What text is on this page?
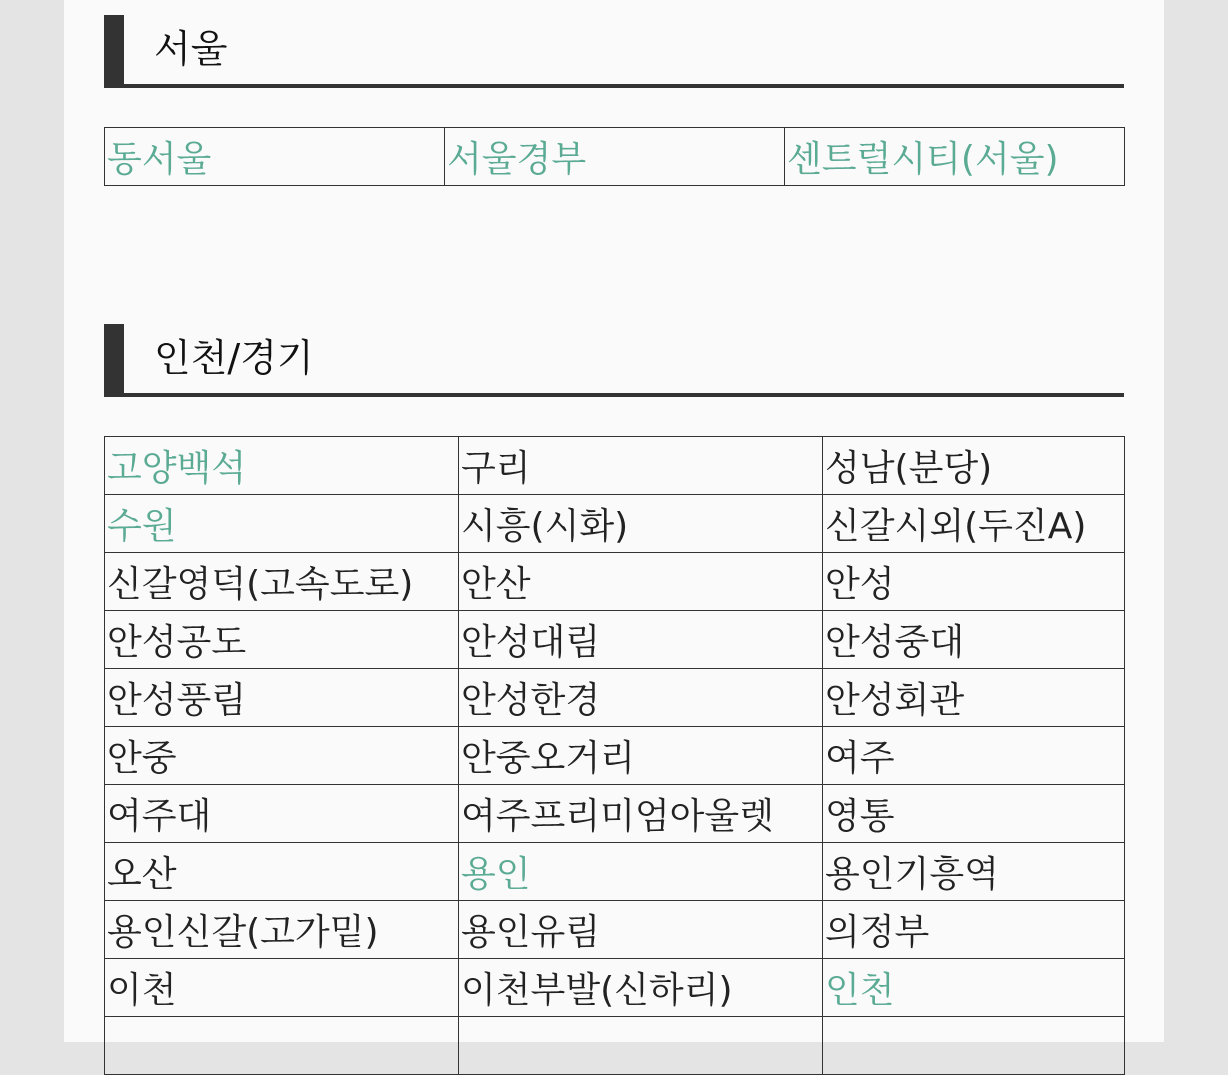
서울
동서울	서울경부	센트럴시티(서울)
인천/경기
고양백석	구리	성남(분당)
수원	시흥(시화)	신갈시외(두진A)
신갈영덕(고속도로)	안산	안성
안성공도	안성대림	안성중대
안성풍림	안성한경	안성회관
안중	안중오거리	여주
여주대	여주프리미엄아울렛	영통
오산	용인	용인기흥역
용인신갈(고가밑)	용인유림	의정부
이천	이천부발(신하리)	인천
